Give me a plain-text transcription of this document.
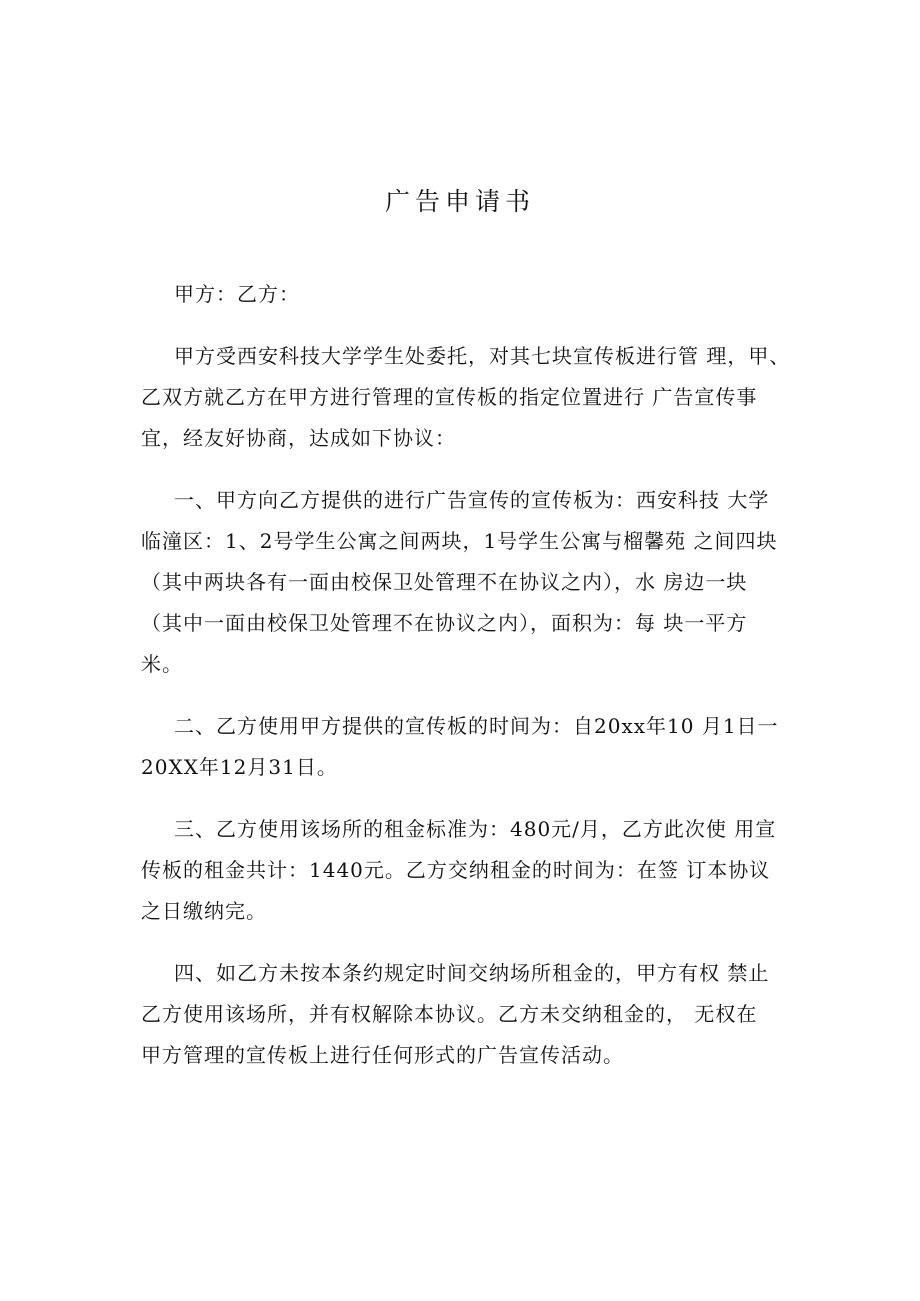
广告申请书

甲方：乙方：

甲方受西安科技大学学生处委托，对其七块宣传板进行管 理，甲、
乙双方就乙方在甲方进行管理的宣传板的指定位置进行 广告宣传事
宜，经友好协商，达成如下协议：

一、甲方向乙方提供的进行广告宣传的宣传板为：西安科技 大学
临潼区：1、2号学生公寓之间两块，1号学生公寓与榴馨苑 之间四块
（其中两块各有一面由校保卫处管理不在协议之内），水 房边一块
（其中一面由校保卫处管理不在协议之内），面积为：每 块一平方
米。

二、乙方使用甲方提供的宣传板的时间为：自20xx年10 月1日一
20XX年12月31日。

三、乙方使用该场所的租金标准为：480元/月，乙方此次使 用宣
传板的租金共计：1440元。乙方交纳租金的时间为：在签 订本协议
之日缴纳完。

四、如乙方未按本条约规定时间交纳场所租金的，甲方有权 禁止
乙方使用该场所，并有权解除本协议。乙方未交纳租金的， 无权在
甲方管理的宣传板上进行任何形式的广告宣传活动。
